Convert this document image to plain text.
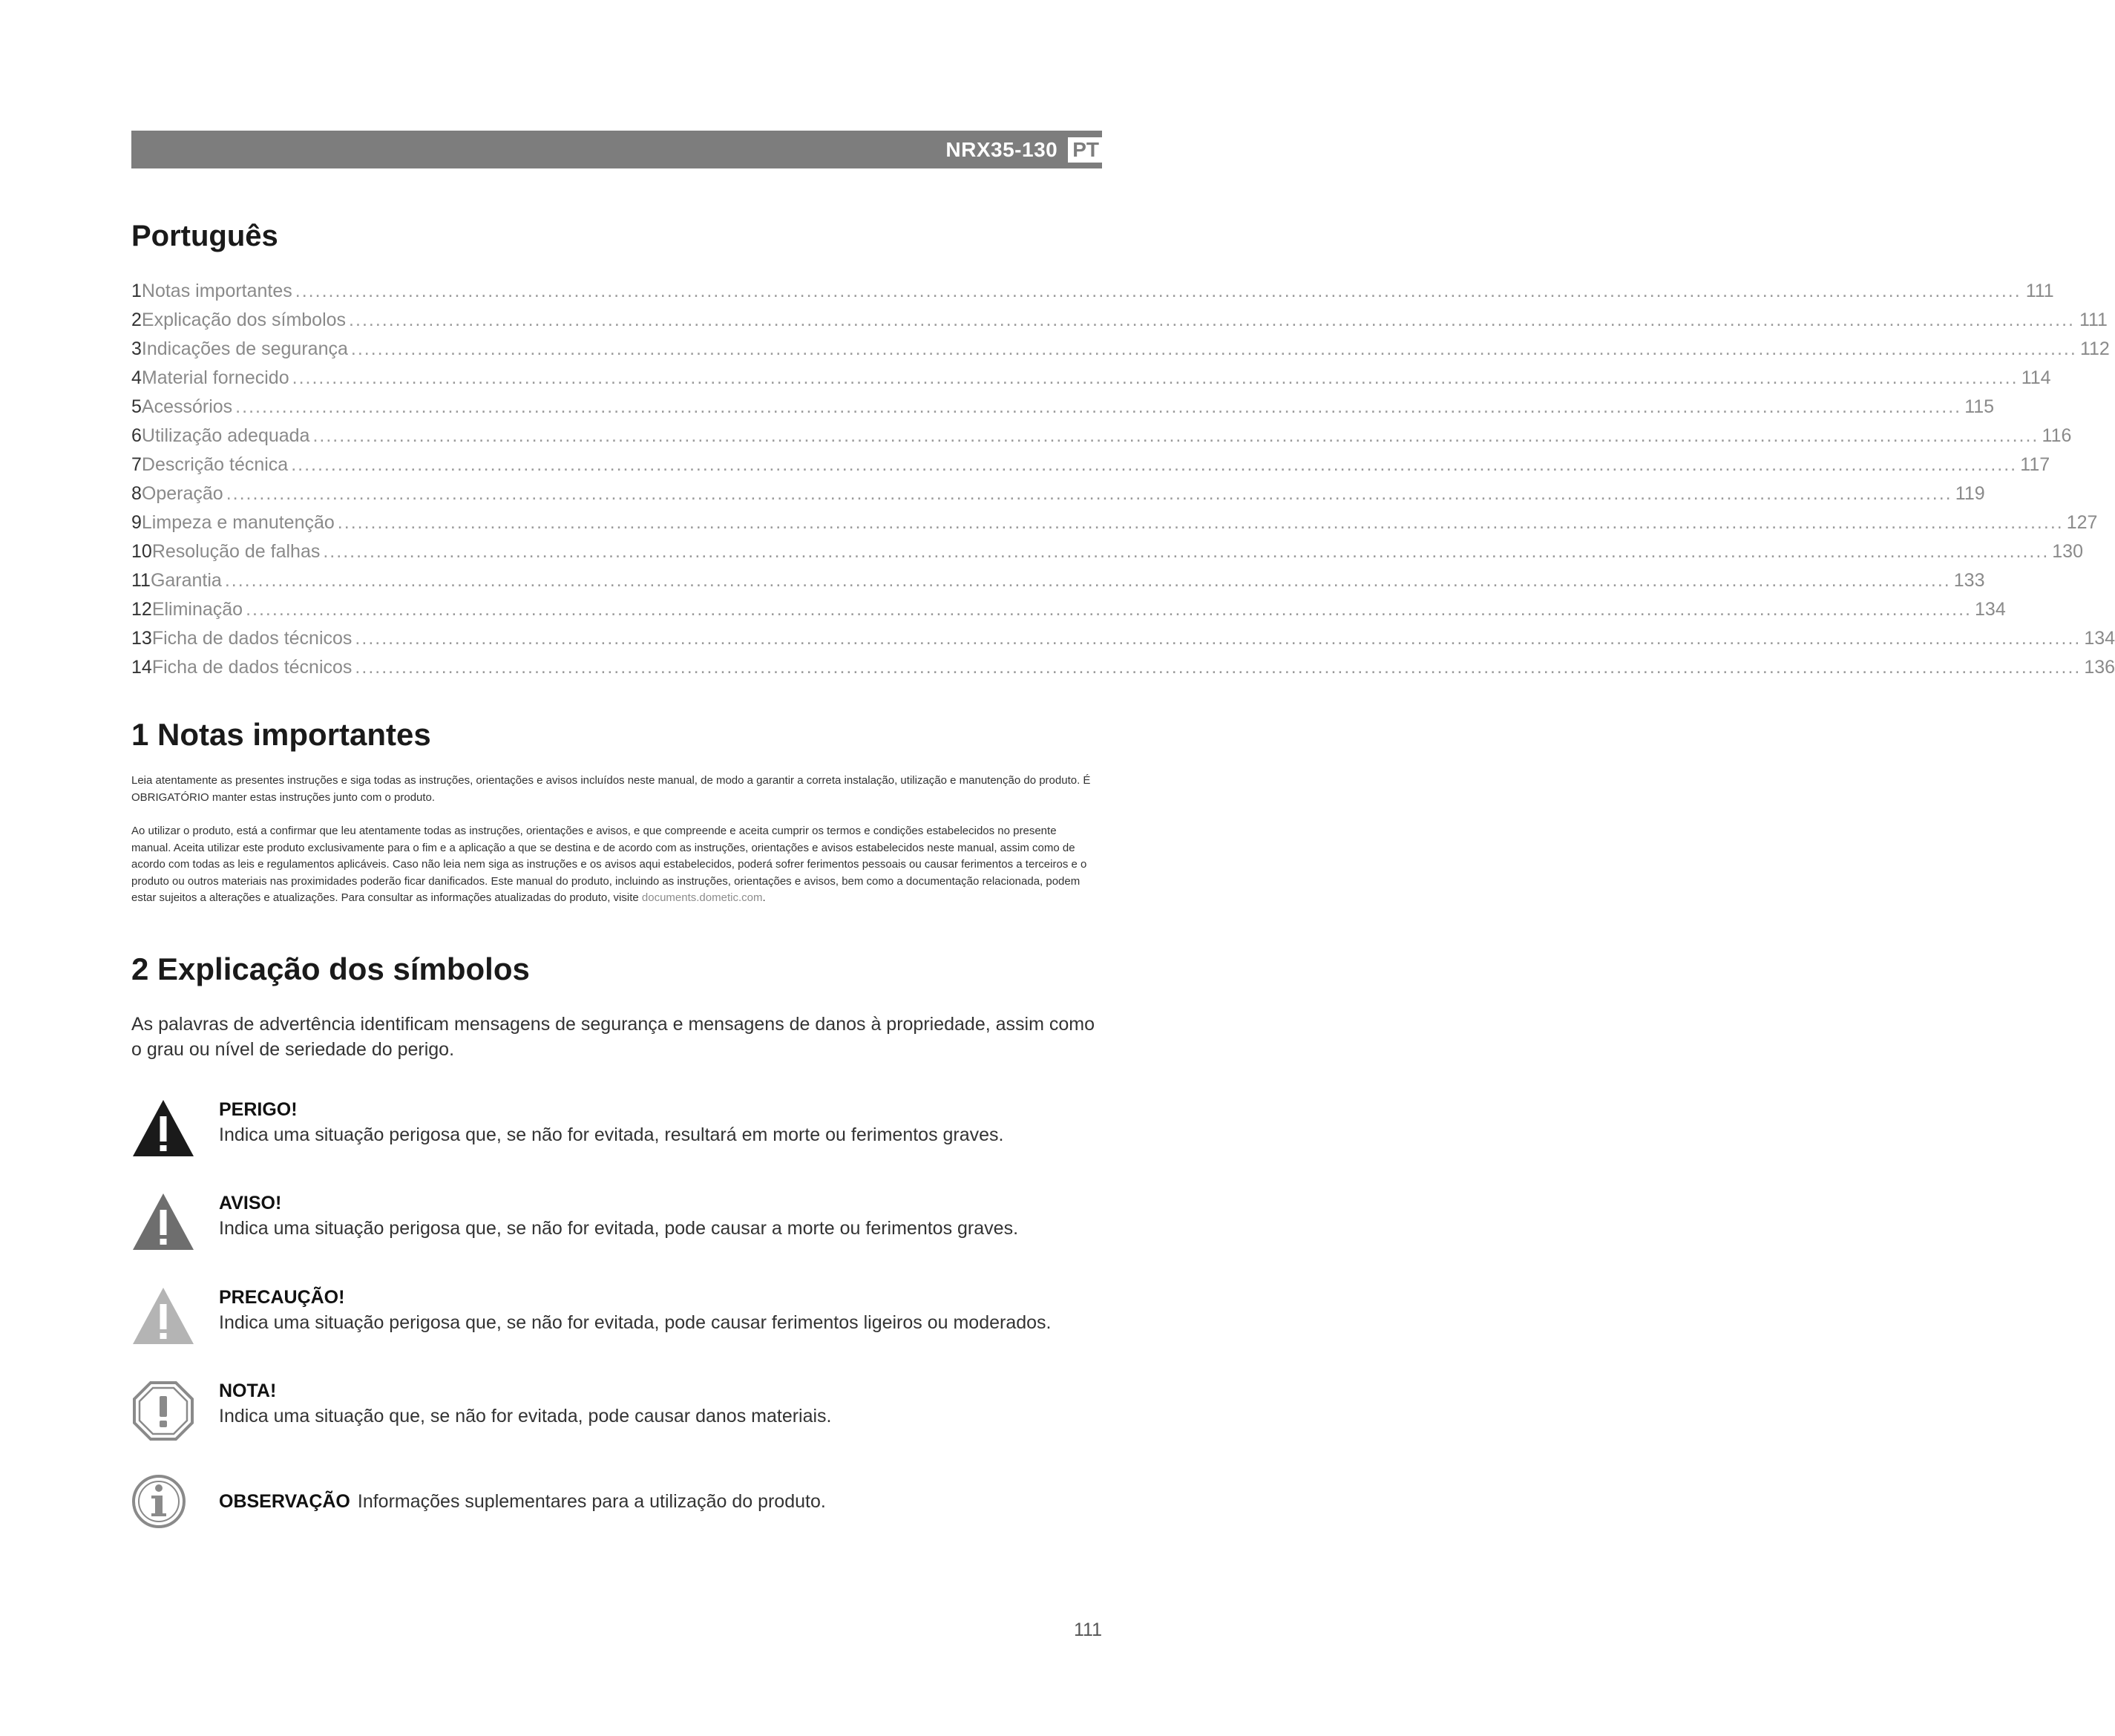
NRX35-130 PT
Português
1 Notas importantes .................................................................................................................................................................................................................................................................... 111
2 Explicação dos símbolos .................................................................................................................................................................................................................................................................... 111
3 Indicações de segurança .................................................................................................................................................................................................................................................................... 112
4 Material fornecido .................................................................................................................................................................................................................................................................... 114
5 Acessórios .................................................................................................................................................................................................................................................................... 115
6 Utilização adequada .................................................................................................................................................................................................................................................................... 116
7 Descrição técnica .................................................................................................................................................................................................................................................................... 117
8 Operação .................................................................................................................................................................................................................................................................... 119
9 Limpeza e manutenção .................................................................................................................................................................................................................................................................... 127
10 Resolução de falhas .................................................................................................................................................................................................................................................................... 130
11 Garantia .................................................................................................................................................................................................................................................................... 133
12 Eliminação .................................................................................................................................................................................................................................................................... 134
13 Ficha de dados técnicos .................................................................................................................................................................................................................................................................... 134
14 Ficha de dados técnicos .................................................................................................................................................................................................................................................................... 136
1 Notas importantes

Leia atentamente as presentes instruções e siga todas as instruções, orientações e avisos incluídos neste manual, de modo a garantir a correta instalação, utilização e manutenção do produto. É OBRIGATÓRIO manter estas instruções junto com o produto.

Ao utilizar o produto, está a confirmar que leu atentamente todas as instruções, orientações e avisos, e que compreende e aceita cumprir os termos e condições estabelecidos no presente manual. Aceita utilizar este produto exclusivamente para o fim e a aplicação a que se destina e de acordo com as instruções, orientações e avisos estabelecidos neste manual, assim como de acordo com todas as leis e regulamentos aplicáveis. Caso não leia nem siga as instruções e os avisos aqui estabelecidos, poderá sofrer ferimentos pessoais ou causar ferimentos a terceiros e o produto ou outros materiais nas proximidades poderão ficar danificados. Este manual do produto, incluindo as instruções, orientações e avisos, bem como a documentação relacionada, podem estar sujeitos a alterações e atualizações. Para consultar as informações atualizadas do produto, visite documents.dometic.com.

2 Explicação dos símbolos

As palavras de advertência identificam mensagens de segurança e mensagens de danos à propriedade, assim como o grau ou nível de seriedade do perigo.

PERIGO!
Indica uma situação perigosa que, se não for evitada, resultará em morte ou ferimentos graves.
AVISO!
Indica uma situação perigosa que, se não for evitada, pode causar a morte ou ferimentos graves.
PRECAUÇÃO!
Indica uma situação perigosa que, se não for evitada, pode causar ferimentos ligeiros ou moderados.
NOTA!
Indica uma situação que, se não for evitada, pode causar danos materiais.
OBSERVAÇÃO Informações suplementares para a utilização do produto.
111
